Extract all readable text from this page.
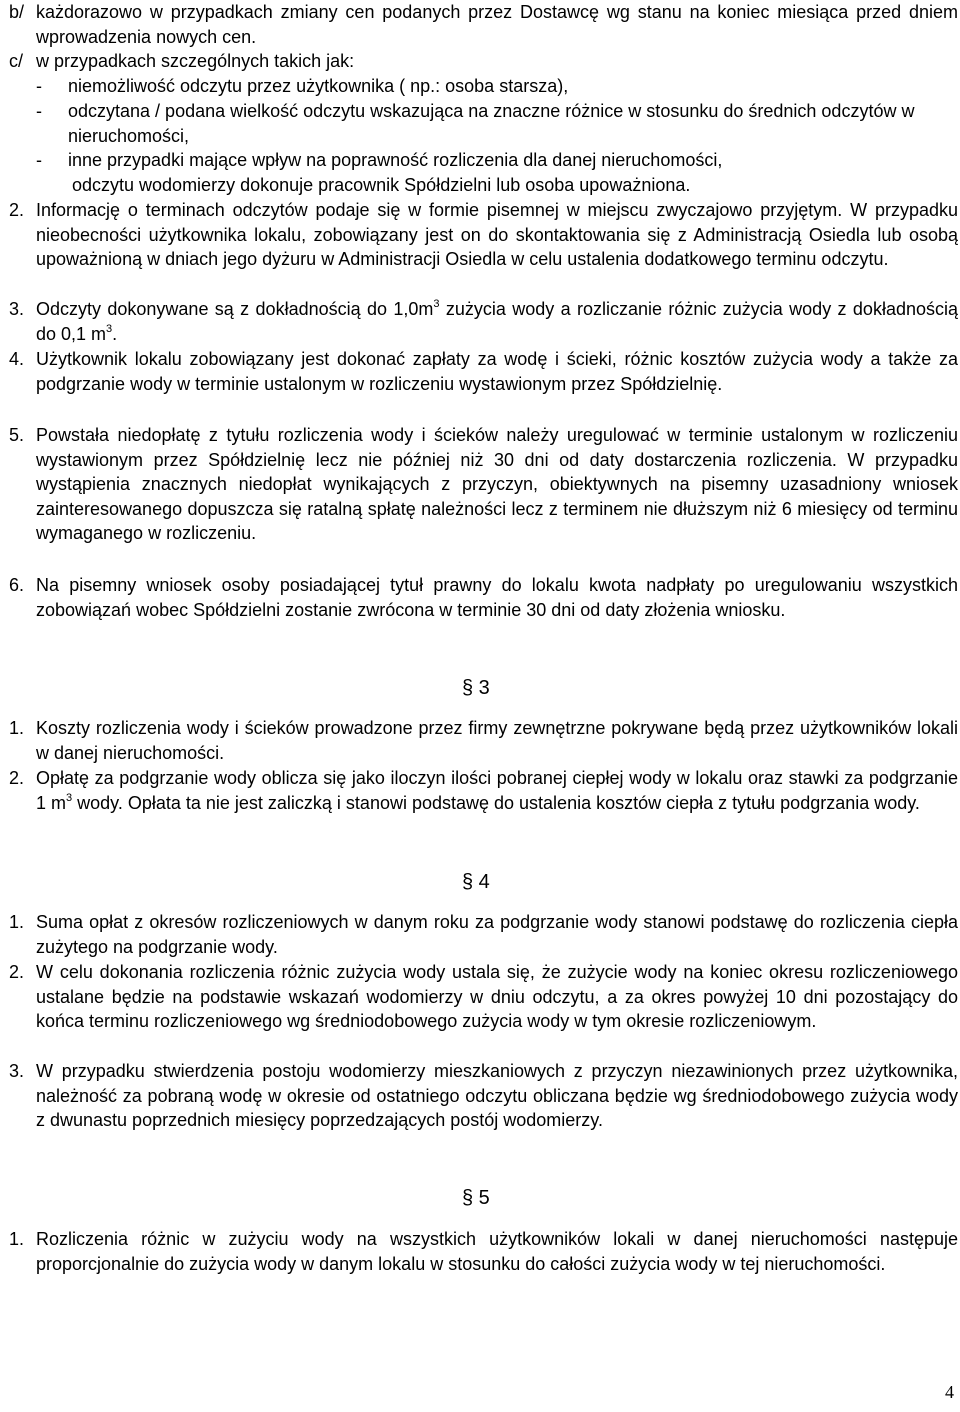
b/ każdorazowo w przypadkach zmiany cen podanych przez Dostawcę wg stanu na koniec miesiąca przed dniem wprowadzenia nowych cen.
c/ w przypadkach szczególnych takich jak:
- niemożliwość odczytu przez użytkownika ( np.: osoba starsza),
- odczytana / podana wielkość odczytu wskazująca na znaczne różnice w stosunku do średnich odczytów w nieruchomości,
- inne przypadki mające wpływ na poprawność rozliczenia dla danej nieruchomości,
odczytu wodomierzy dokonuje pracownik Spółdzielni lub osoba upoważniona.
2. Informację o terminach odczytów podaje się w formie pisemnej w miejscu zwyczajowo przyjętym. W przypadku nieobecności użytkownika lokalu, zobowiązany jest on do skontaktowania się z Administracją Osiedla lub osobą upoważnioną w dniach jego dyżuru w Administracji Osiedla w celu ustalenia dodatkowego terminu odczytu.
3. Odczyty dokonywane są z dokładnością do $1,0m^3$ zużycia wody a rozliczanie różnic zużycia wody z dokładnością do 0,1 $m^3$.
4. Użytkownik lokalu zobowiązany jest dokonać zapłaty za wodę i ścieki, różnic kosztów zużycia wody a także za podgrzanie wody w terminie ustalonym w rozliczeniu wystawionym przez Spółdzielnię.
5. Powstała niedopłatę z tytułu rozliczenia wody i ścieków należy uregulować w terminie ustalonym w rozliczeniu wystawionym przez Spółdzielnię lecz nie później niż 30 dni od daty dostarczenia rozliczenia. W przypadku wystąpienia znacznych niedopłat wynikających z przyczyn, obiektywnych na pisemny uzasadniony wniosek zainteresowanego dopuszcza się ratalną spłatę należności lecz z terminem nie dłuższym niż 6 miesięcy od terminu wymaganego w rozliczeniu.
6. Na pisemny wniosek osoby posiadającej tytuł prawny do lokalu kwota nadpłaty po uregulowaniu wszystkich zobowiązań wobec Spółdzielni zostanie zwrócona w terminie 30 dni od daty złożenia wniosku.
§ 3
1. Koszty rozliczenia wody i ścieków prowadzone przez firmy zewnętrzne pokrywane będą przez użytkowników lokali w danej nieruchomości.
2. Opłatę za podgrzanie wody oblicza się jako iloczyn ilości pobranej ciepłej wody w lokalu oraz stawki za podgrzanie 1 $m^3$ wody. Opłata ta nie jest zaliczką i stanowi podstawę do ustalenia kosztów ciepła z tytułu podgrzania wody.
§ 4
1. Suma opłat z okresów rozliczeniowych w danym roku za podgrzanie wody stanowi podstawę do rozliczenia ciepła zużytego na podgrzanie wody.
2. W celu dokonania rozliczenia różnic zużycia wody ustala się, że zużycie wody na koniec okresu rozliczeniowego ustalane będzie na podstawie wskazań wodomierzy w dniu odczytu, a za okres powyżej 10 dni pozostający do końca terminu rozliczeniowego wg średniodobowego zużycia wody w tym okresie rozliczeniowym.
3. W przypadku stwierdzenia postoju wodomierzy mieszkaniowych z przyczyn niezawinionych przez użytkownika, należność za pobraną wodę w okresie od ostatniego odczytu obliczana będzie wg średniodobowego zużycia wody z dwunastu poprzednich miesięcy poprzedzających postój wodomierzy.
§ 5
1. Rozliczenia różnic w zużyciu wody na wszystkich użytkowników lokali w danej nieruchomości następuje proporcjonalnie do zużycia wody w danym lokalu w stosunku do całości zużycia wody w tej nieruchomości.
4
